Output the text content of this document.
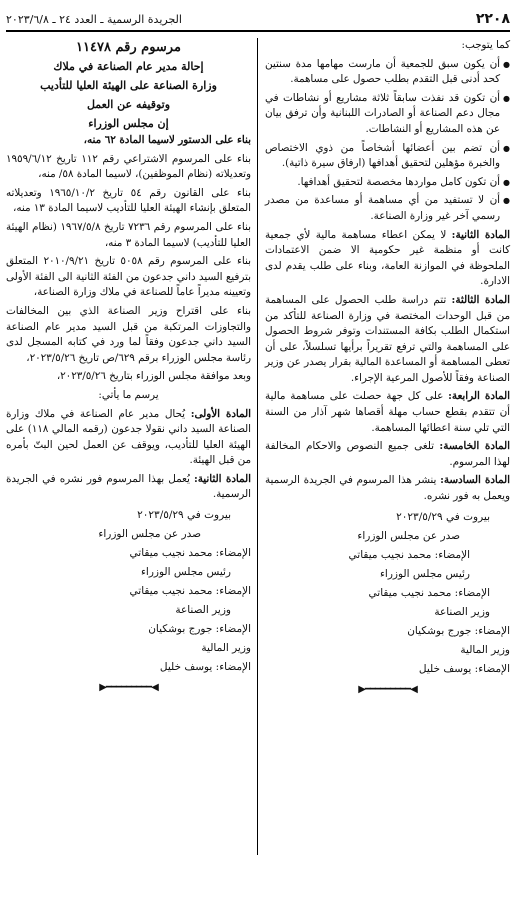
٢٢٠٨
الجريدة الرسمية ـ العدد ٢٤ ـ ٢٠٢٣/٦/٨

كما يتوجب:

● أن يكون سبق للجمعية أن مارست مهامها مدة سنتين كحد أدنى قبل التقدم بطلب حصول على مساهمة.

● أن تكون قد نفذت سابقاً ثلاثة مشاريع أو نشاطات في مجال دعم الصناعة أو الصادرات اللبنانية وأن ترفق بيان عن هذه المشاريع أو النشاطات.

● أن تضم بين أعضائها أشخاصاً من ذوي الاختصاص والخبرة مؤهلين لتحقيق أهدافها (ارفاق سيرة ذاتية).

● أن تكون كامل مواردها مخصصة لتحقيق أهدافها.

● أن لا تستفيد من أي مساهمة أو مساعدة من مصدر رسمي آخر غير وزارة الصناعة.

المادة الثانية: لا يمكن اعطاء مساهمة مالية لأي جمعية كانت أو منظمة غير حكومية الا ضمن الاعتمادات الملحوظة في الموازنة العامة، وبناء على طلب يقدم لدى الادارة.

المادة الثالثة: تتم دراسة طلب الحصول على المساهمة من قبل الوحدات المختصة في وزارة الصناعة للتأكد من استكمال الطلب بكافة المستندات وتوفر شروط الحصول على المساهمة والتي ترفع تقريراً برأيها تسلسلاً، على أن تعطى المساهمة أو المساعدة المالية بقرار يصدر عن وزير الصناعة وفقاً للأصول المرعية الإجراء.

المادة الرابعة: على كل جهة حصلت على مساهمة مالية أن تتقدم بقطع حساب مهلة أقصاها شهر آذار من السنة التي تلي سنة اعطائها المساهمة.

المادة الخامسة: تلغى جميع النصوص والاحكام المخالفة لهذا المرسوم.

المادة السادسة: ينشر هذا المرسوم في الجريدة الرسمية ويعمل به فور نشره.

بيروت في ٢٠٢٣/٥/٢٩
صدر عن مجلس الوزراء
الإمضاء: محمد نجيب ميقاتي
رئيس مجلس الوزراء
الإمضاء: محمد نجيب ميقاتي
وزير الصناعة
الإمضاء: جورج بوشكيان
وزير المالية
الإمضاء: يوسف خليل
◀━━━━━━━━━▶
مرسوم رقم ١١٤٧٨
إحالة مدير عام الصناعة في ملاك
وزارة الصناعة على الهيئة العليا للتأديب
وتوقيفه عن العمل
إن مجلس الوزراء

بناء على الدستور لاسيما المادة ٦٢ منه،

بناء على المرسوم الاشتراعي رقم ١١٢ تاريخ ١٩٥٩/٦/١٢ وتعديلاته (نظام الموظفين)، لاسيما المادة ٥٨/ منه،

بناء على القانون رقم ٥٤ تاريخ ١٩٦٥/١٠/٢ وتعديلاته المتعلق بإنشاء الهيئة العليا للتأديب لاسيما المادة ١٣ منه،

بناء على المرسوم رقم ٧٢٣٦ تاريخ ١٩٦٧/٥/٨ (نظام الهيئة العليا للتأديب) لاسيما المادة ٣ منه،

بناء على المرسوم رقم ٥٠٥٨ تاريخ ٢٠١٠/٩/٢١ المتعلق بترفيع السيد داني جدعون من الفئة الثانية الى الفئة الأولى وتعيينه مديراً عاماً للصناعة في ملاك وزارة الصناعة،

بناء على اقتراح وزير الصناعة الذي بين المخالفات والتجاوزات المرتكبة من قبل السيد مدير عام الصناعة السيد داني جدعون وفقاً لما ورد في كتابه المسجل لدى رئاسة مجلس الوزراء برقم ٦٢٩/ص تاريخ ٢٠٢٣/٥/٢٦،

وبعد موافقة مجلس الوزراء بتاريخ ٢٠٢٣/٥/٢٦،

يرسم ما يأتي:

المادة الأولى: يُحال مدير عام الصناعة في ملاك وزارة الصناعة السيد داني نقولا جدعون (رقمه المالي ١١٨) على الهيئة العليا للتأديب، ويوقف عن العمل لحين البتّ بأمره من قبل الهيئة.

المادة الثانية: يُعمل بهذا المرسوم فور نشره في الجريدة الرسمية.

بيروت في ٢٠٢٣/٥/٢٩
صدر عن مجلس الوزراء
الإمضاء: محمد نجيب ميقاتي
رئيس مجلس الوزراء
الإمضاء: محمد نجيب ميقاتي
وزير الصناعة
الإمضاء: جورج بوشكيان
وزير المالية
الإمضاء: يوسف خليل
◀━━━━━━━━━▶
